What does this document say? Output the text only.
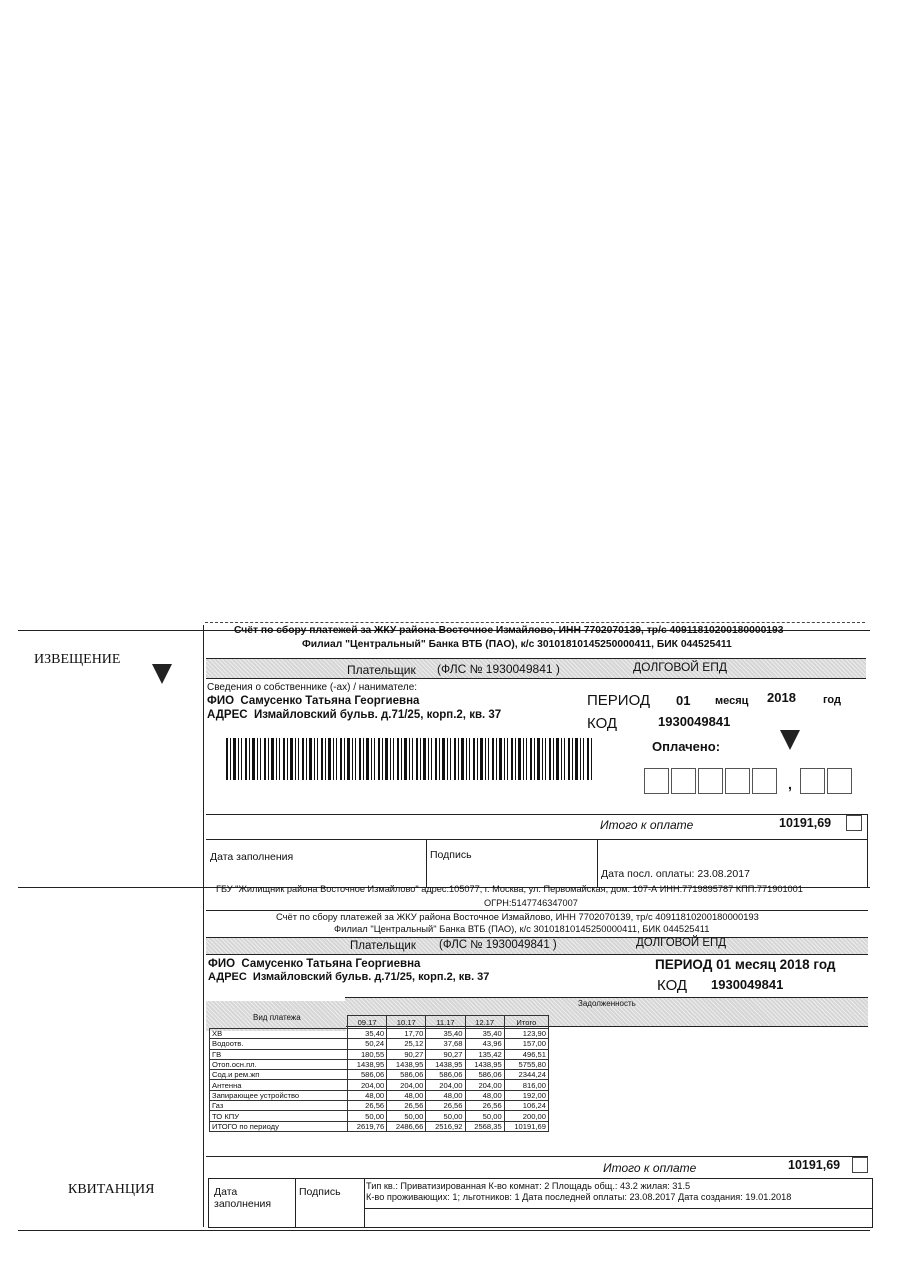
ИЗВЕЩЕНИЕ
Счёт по сбору платежей за ЖКУ района Восточное Измайлово, ИНН 7702070139, тр/с 40911810200180000193
Филиал "Центральный" Банка ВТБ (ПАО), к/с 30101810145250000411, БИК 044525411
Плательщик (ФЛС № 1930049841 )	ДОЛГОВОЙ ЕПД
Сведения о собственнике (-ах) / нанимателе:
ФИО  Самусенко Татьяна Георгиевна
АДРЕС  Измайловский бульв. д.71/25, корп.2, кв. 37
ПЕРИОД 01 месяц 2018 год
КОД	1930049841
Оплачено:
,
Итого к оплате	10191,69
Дата заполнения	Подпись
Дата посл. оплаты: 23.08.2017
ГБУ "Жилищник района Восточное Измайлово" адрес:105077, г. Москва, ул. Первомайская, дом. 107-А ИНН:7719895787 КПП:771901001
ОГРН:5147746347007
Счёт по сбору платежей за ЖКУ района Восточное Измайлово, ИНН 7702070139, тр/с 40911810200180000193
Филиал "Центральный" Банка ВТБ (ПАО), к/с 30101810145250000411, БИК 044525411
Плательщик (ФЛС № 1930049841 )	ДОЛГОВОЙ ЕПД
ФИО  Самусенко Татьяна Георгиевна
АДРЕС  Измайловский бульв. д.71/25, корп.2, кв. 37
ПЕРИОД 01 месяц 2018 год
КОД 1930049841
Задолженность
Вид платежа
		09.17	10.17	11.17	12.17	Итого
ХВ	35,40	17,70	35,40	35,40	123,90
Водоотв.	50,24	25,12	37,68	43,96	157,00
ГВ	180,55	90,27	90,27	135,42	496,51
Отоп.осн.пл.	1438,95	1438,95	1438,95	1438,95	5755,80
Сод.и рем.жп	586,06	586,06	586,06	586,06	2344,24
Антенна	204,00	204,00	204,00	204,00	816,00
Запирающее устройство	48,00	48,00	48,00	48,00	192,00
Газ	26,56	26,56	26,56	26,56	106,24
ТО КПУ	50,00	50,00	50,00	50,00	200,00
ИТОГО по периоду	2619,76	2486,66	2516,92	2568,35	10191,69
Итого к оплате	10191,69
КВИТАНЦИЯ	Дата заполнения
Подпись	Тип кв.: Приватизированная К-во комнат: 2 Площадь общ.: 43.2 жилая: 31.5
К-во проживающих: 1; льготников: 1 Дата последней оплаты: 23.08.2017 Дата создания: 19.01.2018
